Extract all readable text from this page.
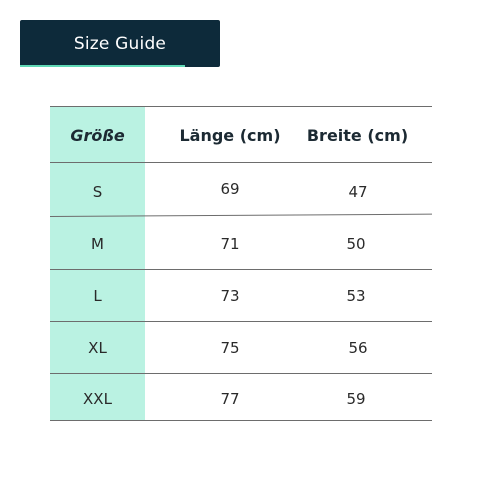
Size Guide
Größe	Länge (cm)	Breite (cm)
S	69	47
M	71	50
L	73	53
XL	75	56
XXL	77	59
